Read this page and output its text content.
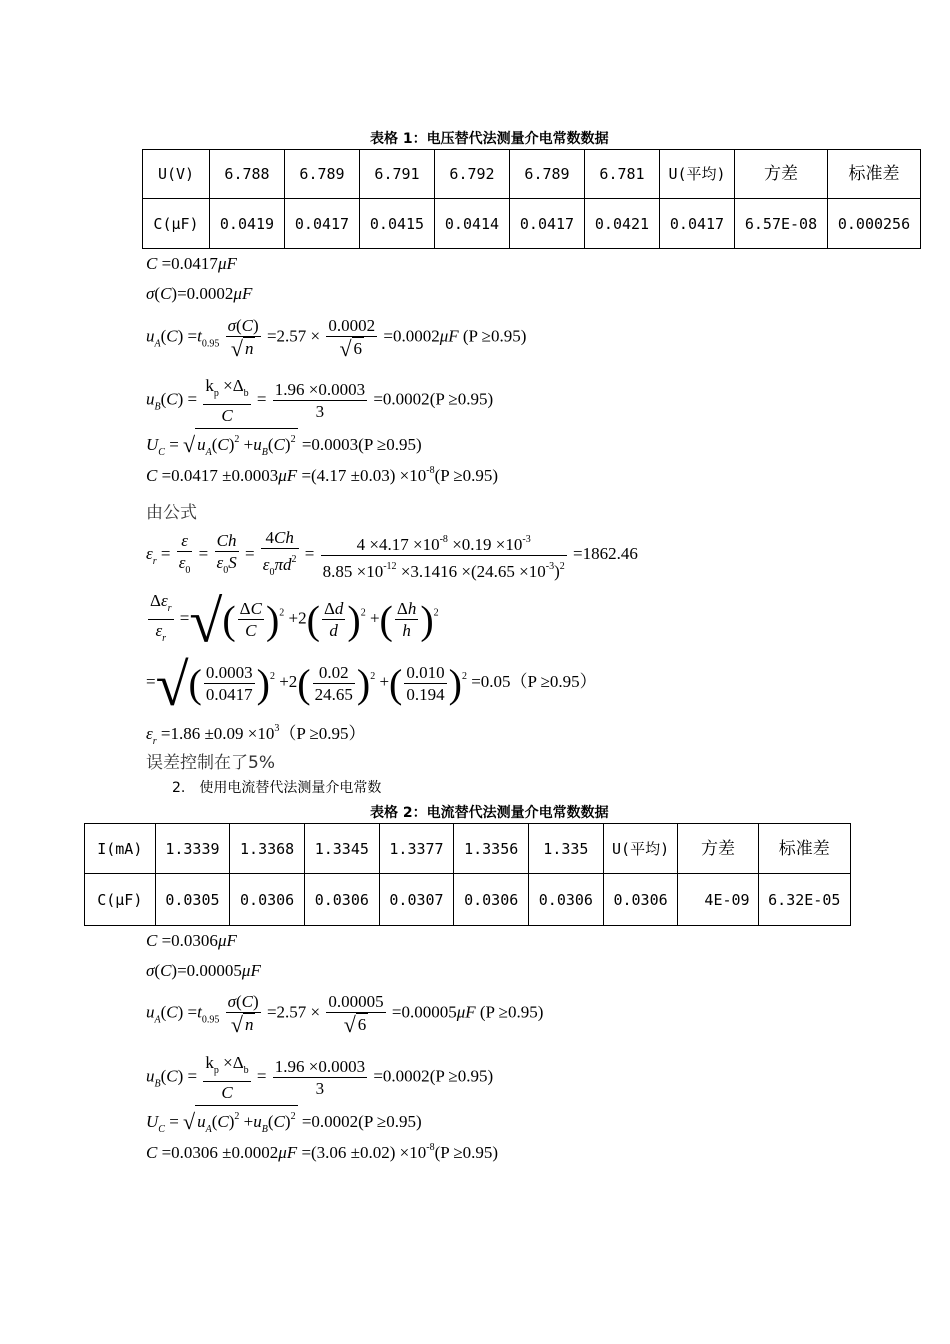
表格 1：电压替代法测量介电常数数据
U(V)	6.788	6.789	6.791	6.792	6.789	6.781	U(平均)	方差	标准差
C(μF)	0.0419	0.0417	0.0415	0.0414	0.0417	0.0421	0.0417	6.57E-08	0.000256
C =0.0417μF
σ(C)=0.0002μF
$u_A(C) =t_{0.95} \frac{\sigma(C)}{√ n} =2.57 \times \frac{0.0002}{√ 6} =0.0002\mu F$ (P ≥0.95)
$u_B(C) = \frac{k_p \times\Delta_b}{C} = \frac{1.96 \times 0.0003}{3} =0.0002(P \ge 0.95)$
$U_C$ = √ $u_A(C)^2 +u_B(C)^2 =0.0003(P \ge 0.95)$
$C =0.0417 \pm 0.0003\mu F =(4.17 \pm 0.03) \times 10^{-8}(P \ge 0.95)$
由公式
$\varepsilon_r = \frac{\varepsilon}{\varepsilon_0} = \frac{Ch}{\varepsilon_0S} = \frac{4Ch}{\varepsilon_0\pi d^2} = \frac{4 \times 4.17 \times 10^{-8} \times 0.19 \times 10^{-3}}{8.85 \times 10^{-12} \times 3.1416 \times(24.65 \times 10^{-3})^2} =1862.46$
$\frac{\Delta\varepsilon_r}{\varepsilon_r}$ =√( $\frac{\Delta C}{C} )^2 +2( \frac{\Delta d}{d} )^2$ +( $\frac{\Delta h}{h} )^2$
=√( $\frac{0.0003}{0.0417} )^2 +2( \frac{0.02}{24.65} )^2$ +( $\frac{0.010}{0.194} )^2 =0.05(P \ge 0.95)$
$\varepsilon_r =1.86 \pm 0.09 \times 10^3(P \ge 0.95)$
误差控制在了5%
2.　使用电流替代法测量介电常数
表格 2：电流替代法测量介电常数数据
I(mA)	1.3339	1.3368	1.3345	1.3377	1.3356	1.335	U(平均)	方差	标准差
C(μF)	0.0305	0.0306	0.0306	0.0307	0.0306	0.0306	0.0306	4E-09	6.32E-05
C =0.0306μF
σ(C)=0.00005μF
$u_A(C) =t_{0.95} \frac{\sigma(C)}{√ n} =2.57 \times \frac{0.00005}{√ 6} =0.00005\mu F$ (P ≥0.95)
$u_B(C) = \frac{k_p \times\Delta_b}{C} = \frac{1.96 \times 0.0003}{3} =0.0002(P \ge 0.95)$
$U_C$ = √ $u_A(C)^2 +u_B(C)^2 =0.0002(P \ge 0.95)$
$C =0.0306 \pm 0.0002\mu F =(3.06 \pm 0.02) \times 10^{-8}(P \ge 0.95)$
